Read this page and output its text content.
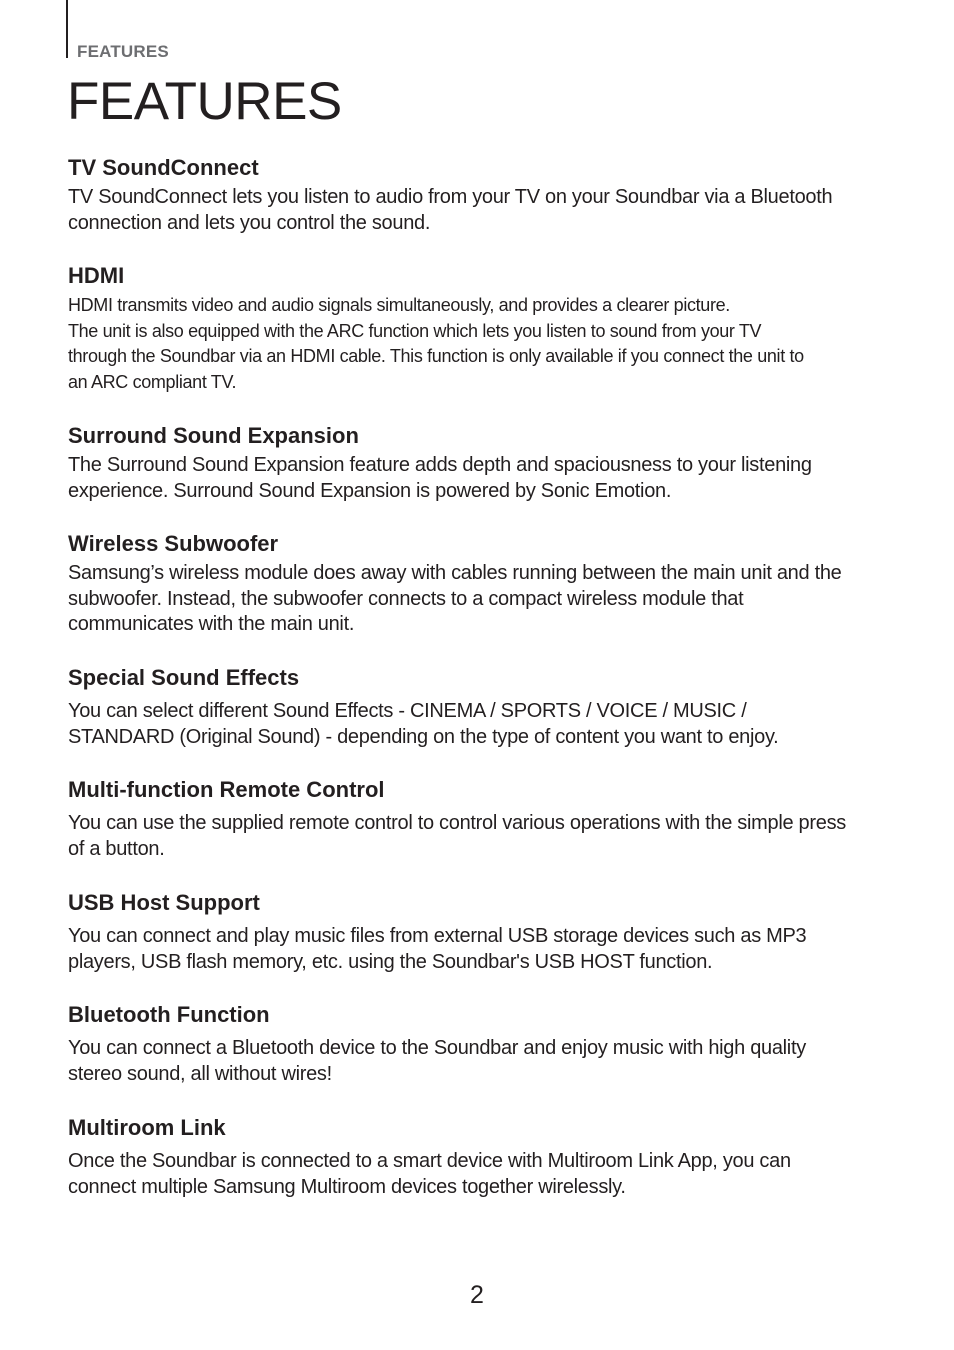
FEATURES
FEATURES
TV SoundConnect

TV SoundConnect lets you listen to audio from your TV on your Soundbar via a Bluetooth
connection and lets you control the sound.

HDMI

HDMI transmits video and audio signals simultaneously, and provides a clearer picture.
The unit is also equipped with the ARC function which lets you listen to sound from your TV
through the Soundbar via an HDMI cable. This function is only available if you connect the unit to
an ARC compliant TV.

Surround Sound Expansion

The Surround Sound Expansion feature adds depth and spaciousness to your listening
experience. Surround Sound Expansion is powered by Sonic Emotion.

Wireless Subwoofer

Samsung’s wireless module does away with cables running between the main unit and the
subwoofer. Instead, the subwoofer connects to a compact wireless module that
communicates with the main unit.

Special Sound Effects

You can select different Sound Effects - CINEMA / SPORTS / VOICE / MUSIC /
STANDARD (Original Sound) - depending on the type of content you want to enjoy.

Multi-function Remote Control

You can use the supplied remote control to control various operations with the simple press
of a button.

USB Host Support

You can connect and play music files from external USB storage devices such as MP3
players, USB flash memory, etc. using the Soundbar's USB HOST function.

Bluetooth Function

You can connect a Bluetooth device to the Soundbar and enjoy music with high quality
stereo sound, all without wires!

Multiroom Link

Once the Soundbar is connected to a smart device with Multiroom Link App, you can
connect multiple Samsung Multiroom devices together wirelessly.

2
